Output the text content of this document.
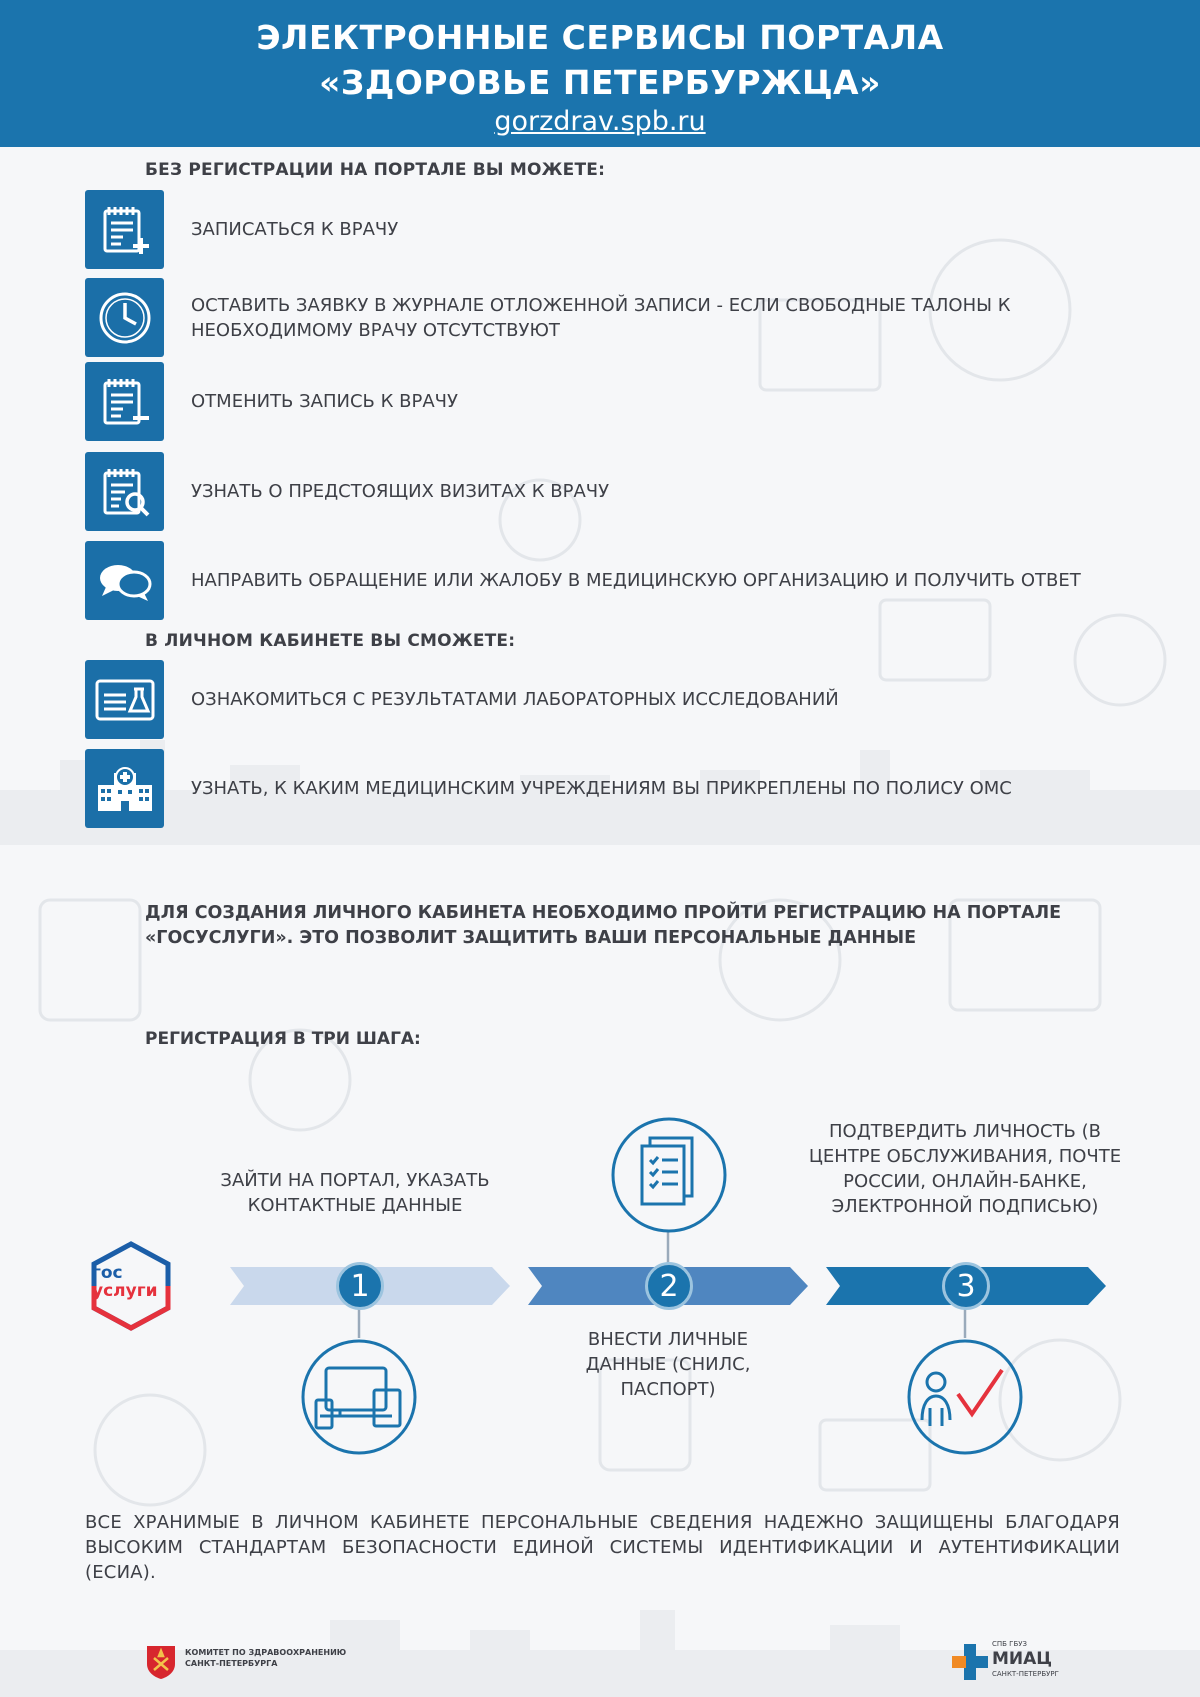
ЭЛЕКТРОННЫЕ СЕРВИСЫ ПОРТАЛА
«ЗДОРОВЬЕ ПЕТЕРБУРЖЦА»
gorzdrav.spb.ru
БЕЗ РЕГИСТРАЦИИ НА ПОРТАЛЕ ВЫ МОЖЕТЕ:
ЗАПИСАТЬСЯ К ВРАЧУ
ОСТАВИТЬ ЗАЯВКУ В ЖУРНАЛЕ ОТЛОЖЕННОЙ ЗАПИСИ - ЕСЛИ СВОБОДНЫЕ ТАЛОНЫ К НЕОБХОДИМОМУ ВРАЧУ ОТСУТСТВУЮТ
ОТМЕНИТЬ ЗАПИСЬ К ВРАЧУ
УЗНАТЬ О ПРЕДСТОЯЩИХ ВИЗИТАХ К ВРАЧУ
НАПРАВИТЬ ОБРАЩЕНИЕ ИЛИ ЖАЛОБУ В МЕДИЦИНСКУЮ ОРГАНИЗАЦИЮ И ПОЛУЧИТЬ ОТВЕТ
В ЛИЧНОМ КАБИНЕТЕ ВЫ СМОЖЕТЕ:
ОЗНАКОМИТЬСЯ С РЕЗУЛЬТАТАМИ ЛАБОРАТОРНЫХ ИССЛЕДОВАНИЙ
УЗНАТЬ, К КАКИМ МЕДИЦИНСКИМ УЧРЕЖДЕНИЯМ ВЫ ПРИКРЕПЛЕНЫ ПО ПОЛИСУ ОМС
ДЛЯ СОЗДАНИЯ ЛИЧНОГО КАБИНЕТА НЕОБХОДИМО ПРОЙТИ РЕГИСТРАЦИЮ НА ПОРТАЛЕ «ГОСУСЛУГИ». ЭТО ПОЗВОЛИТ ЗАЩИТИТЬ ВАШИ ПЕРСОНАЛЬНЫЕ ДАННЫЕ
РЕГИСТРАЦИЯ В ТРИ ШАГА:
гос
услуги	1	2	3
ЗАЙТИ НА ПОРТАЛ, УКАЗАТЬ КОНТАКТНЫЕ ДАННЫЕ
ВНЕСТИ ЛИЧНЫЕ ДАННЫЕ (СНИЛС, ПАСПОРТ)
ПОДТВЕРДИТЬ ЛИЧНОСТЬ (В ЦЕНТРЕ ОБСЛУЖИВАНИЯ, ПОЧТЕ РОССИИ, ОНЛАЙН-БАНКЕ, ЭЛЕКТРОННОЙ ПОДПИСЬЮ)
ВСЕ ХРАНИМЫЕ В ЛИЧНОМ КАБИНЕТЕ ПЕРСОНАЛЬНЫЕ СВЕДЕНИЯ НАДЕЖНО ЗАЩИЩЕНЫ БЛАГОДАРЯ ВЫСОКИМ СТАНДАРТАМ БЕЗОПАСНОСТИ ЕДИНОЙ СИСТЕМЫ ИДЕНТИФИКАЦИИ И АУТЕНТИФИКАЦИИ (ЕСИА).
КОМИТЕТ ПО ЗДРАВООХРАНЕНИЮ
САНКТ-ПЕТЕРБУРГА
СПБ ГБУЗ
МИАЦ
САНКТ-ПЕТЕРБУРГ
